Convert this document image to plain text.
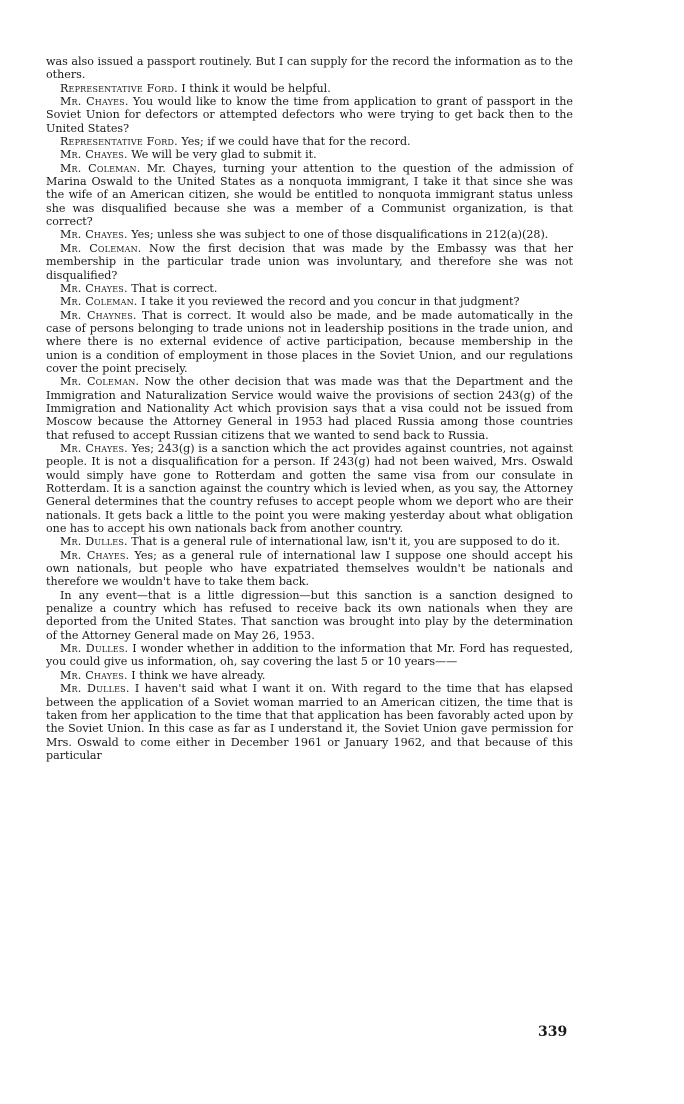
was also issued a passport routinely. But I can supply for the record the information as to the others.

Representative Ford. I think it would be helpful.

Mr. Chayes. You would like to know the time from application to grant of passport in the Soviet Union for defectors or attempted defectors who were trying to get back then to the United States?

Representative Ford. Yes; if we could have that for the record.

Mr. Chayes. We will be very glad to submit it.

Mr. Coleman. Mr. Chayes, turning your attention to the question of the admission of Marina Oswald to the United States as a nonquota immigrant, I take it that since she was the wife of an American citizen, she would be entitled to nonquota immigrant status unless she was disqualified because she was a member of a Communist organization, is that correct?

Mr. Chayes. Yes; unless she was subject to one of those disqualifications in 212(a)(28).

Mr. Coleman. Now the first decision that was made by the Embassy was that her membership in the particular trade union was involuntary, and therefore she was not disqualified?

Mr. Chayes. That is correct.

Mr. Coleman. I take it you reviewed the record and you concur in that judgment?

Mr. Chaynes. That is correct. It would also be made, and be made automatically in the case of persons belonging to trade unions not in leadership positions in the trade union, and where there is no external evidence of active participation, because membership in the union is a condition of employment in those places in the Soviet Union, and our regulations cover the point precisely.

Mr. Coleman. Now the other decision that was made was that the Department and the Immigration and Naturalization Service would waive the provisions of section 243(g) of the Immigration and Nationality Act which provision says that a visa could not be issued from Moscow because the Attorney General in 1953 had placed Russia among those countries that refused to accept Russian citizens that we wanted to send back to Russia.

Mr. Chayes. Yes; 243(g) is a sanction which the act provides against countries, not against people. It is not a disqualification for a person. If 243(g) had not been waived, Mrs. Oswald would simply have gone to Rotterdam and gotten the same visa from our consulate in Rotterdam. It is a sanction against the country which is levied when, as you say, the Attorney General determines that the country refuses to accept people whom we deport who are their nationals. It gets back a little to the point you were making yesterday about what obligation one has to accept his own nationals back from another country.

Mr. Dulles. That is a general rule of international law, isn't it, you are supposed to do it.

Mr. Chayes. Yes; as a general rule of international law I suppose one should accept his own nationals, but people who have expatriated themselves wouldn't be nationals and therefore we wouldn't have to take them back.

In any event—that is a little digression—but this sanction is a sanction designed to penalize a country which has refused to receive back its own nationals when they are deported from the United States. That sanction was brought into play by the determination of the Attorney General made on May 26, 1953.

Mr. Dulles. I wonder whether in addition to the information that Mr. Ford has requested, you could give us information, oh, say covering the last 5 or 10 years——

Mr. Chayes. I think we have already.

Mr. Dulles. I haven't said what I want it on. With regard to the time that has elapsed between the application of a Soviet woman married to an American citizen, the time that is taken from her application to the time that that application has been favorably acted upon by the Soviet Union. In this case as far as I understand it, the Soviet Union gave permission for Mrs. Oswald to come either in December 1961 or January 1962, and that because of this particular

339
